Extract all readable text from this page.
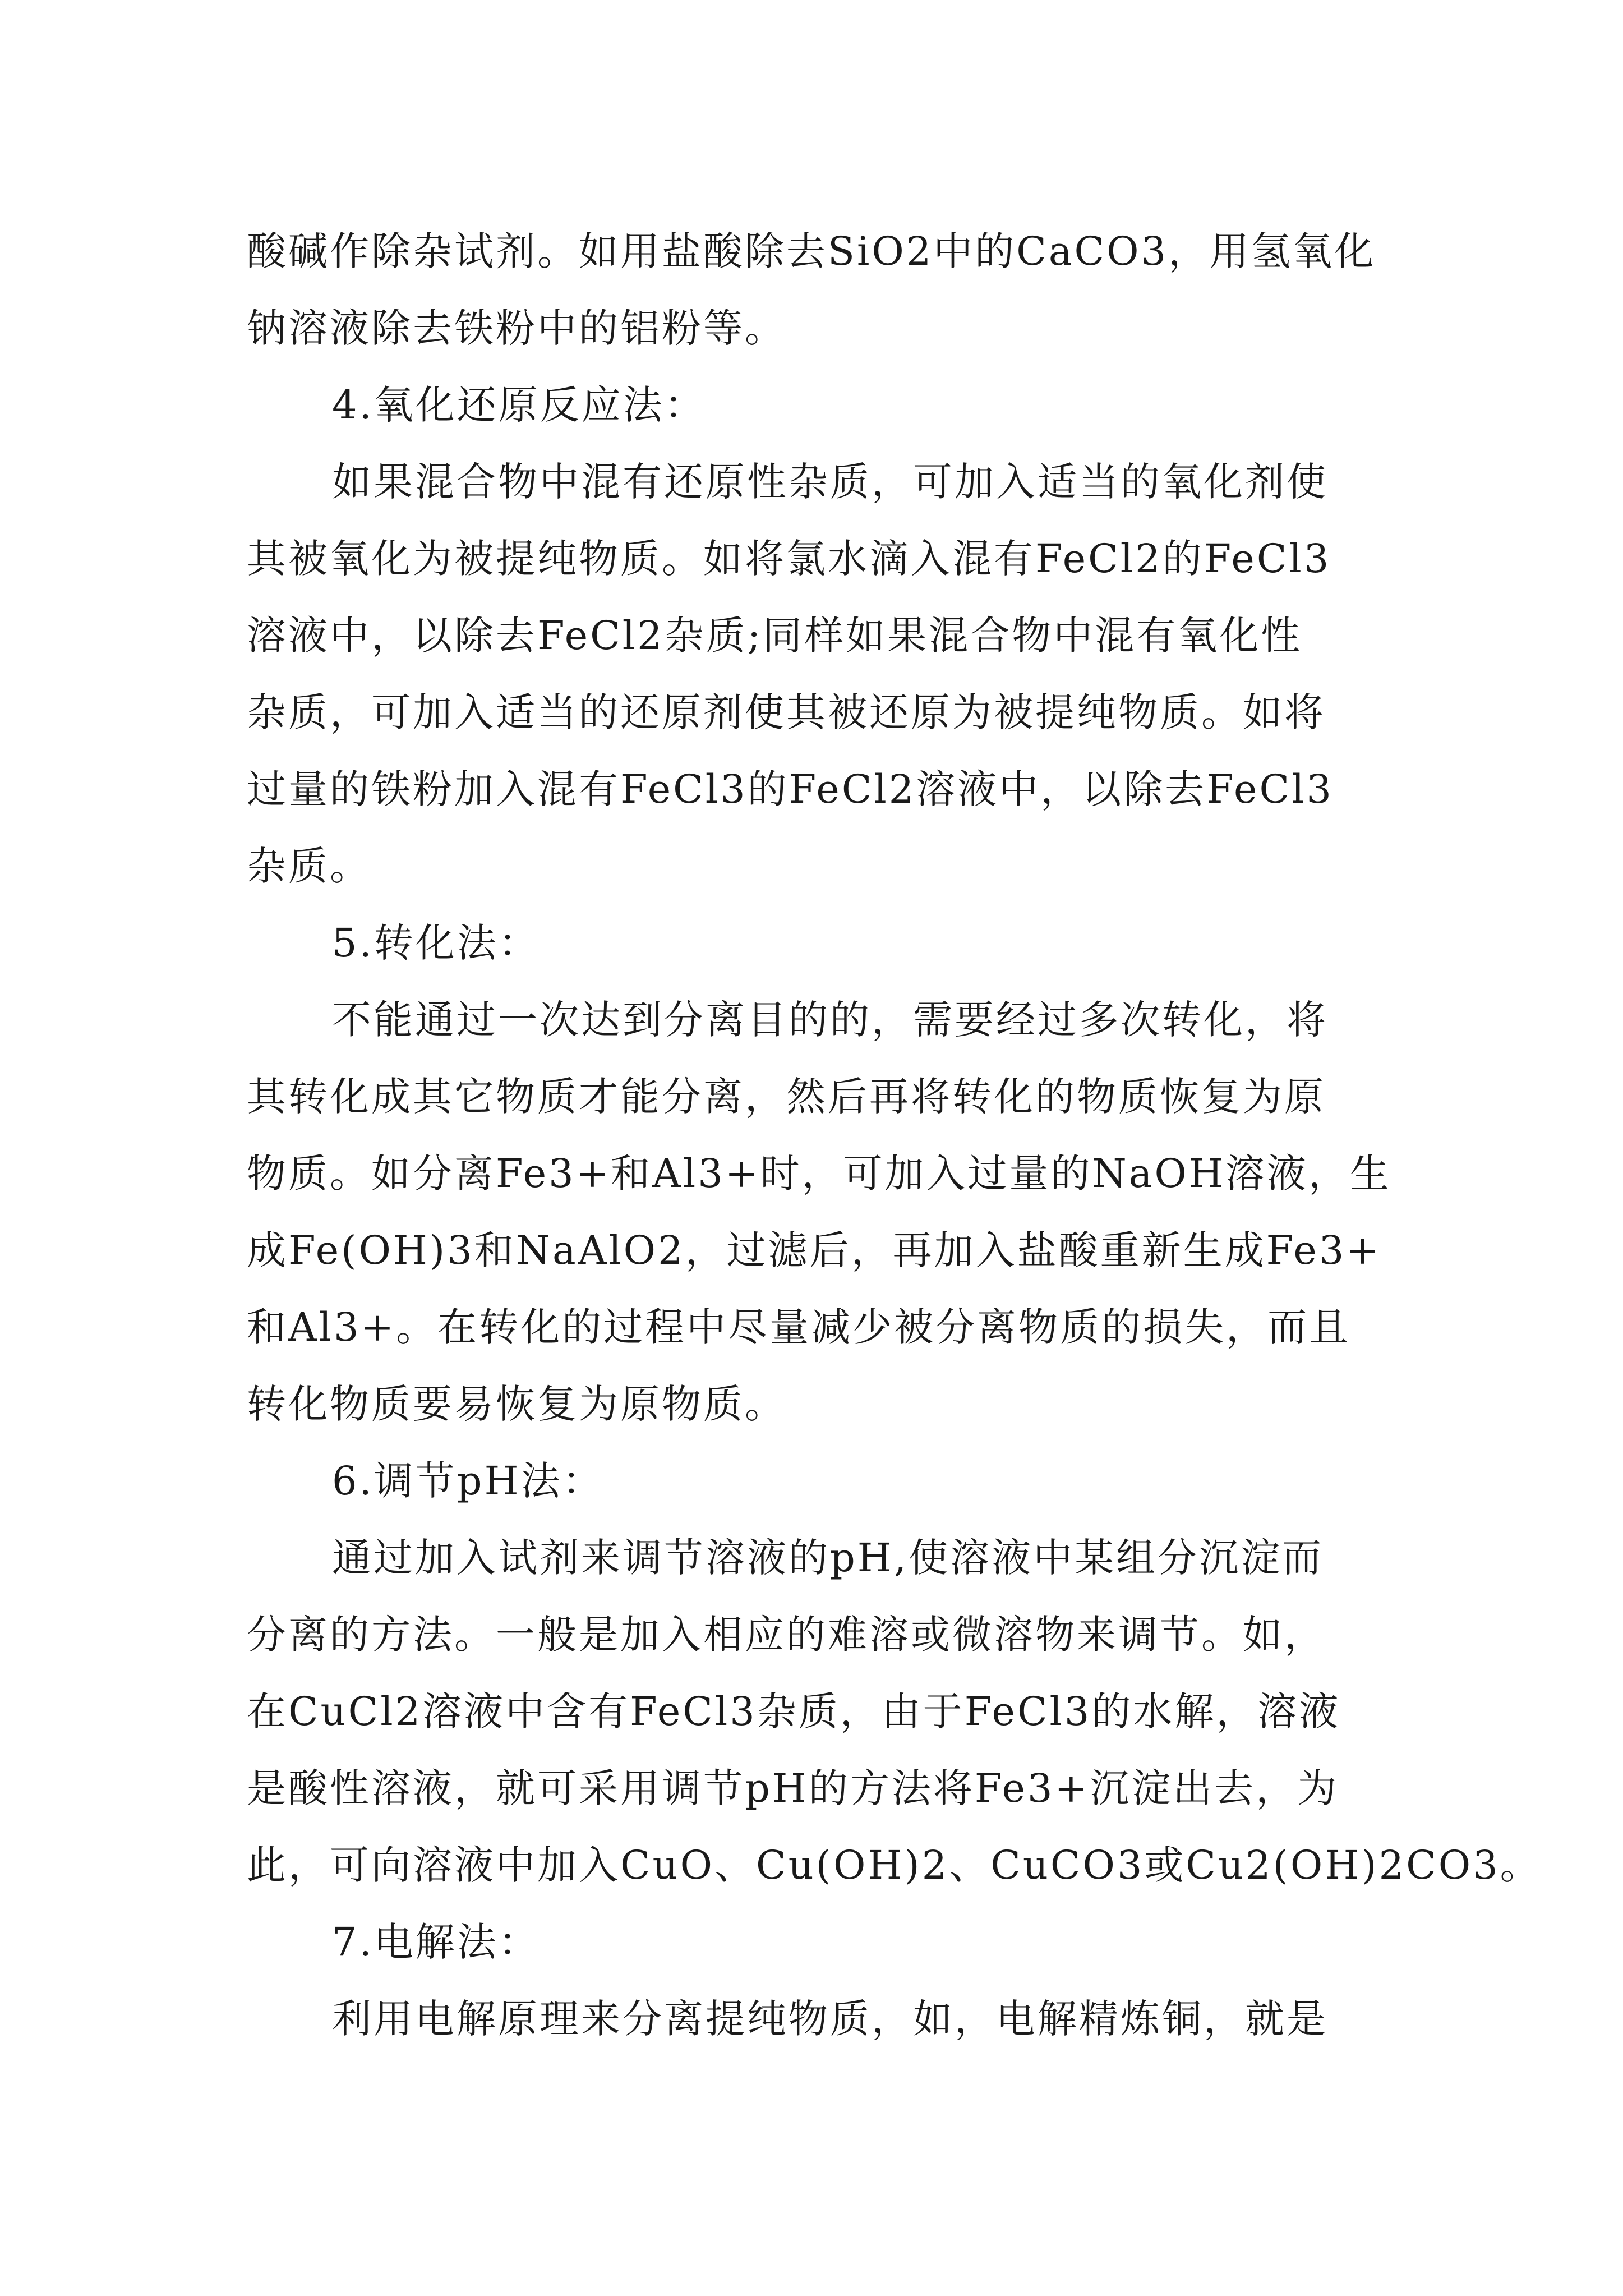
酸碱作除杂试剂。如用盐酸除去SiO2中的CaCO3，用氢氧化
钠溶液除去铁粉中的铝粉等。
4.氧化还原反应法：
如果混合物中混有还原性杂质，可加入适当的氧化剂使
其被氧化为被提纯物质。如将氯水滴入混有FeCl2的FeCl3
溶液中，以除去FeCl2杂质;同样如果混合物中混有氧化性
杂质，可加入适当的还原剂使其被还原为被提纯物质。如将
过量的铁粉加入混有FeCl3的FeCl2溶液中，以除去FeCl3
杂质。
5.转化法：
不能通过一次达到分离目的的，需要经过多次转化，将
其转化成其它物质才能分离，然后再将转化的物质恢复为原
物质。如分离Fe3+和Al3+时，可加入过量的NaOH溶液，生
成Fe(OH)3和NaAlO2，过滤后，再加入盐酸重新生成Fe3+
和Al3+。在转化的过程中尽量减少被分离物质的损失，而且
转化物质要易恢复为原物质。
6.调节pH法：
通过加入试剂来调节溶液的pH,使溶液中某组分沉淀而
分离的方法。一般是加入相应的难溶或微溶物来调节。如，
在CuCl2溶液中含有FeCl3杂质，由于FeCl3的水解，溶液
是酸性溶液，就可采用调节pH的方法将Fe3+沉淀出去，为
此，可向溶液中加入CuO、Cu(OH)2、CuCO3或Cu2(OH)2CO3。
7.电解法：
利用电解原理来分离提纯物质，如，电解精炼铜，就是
